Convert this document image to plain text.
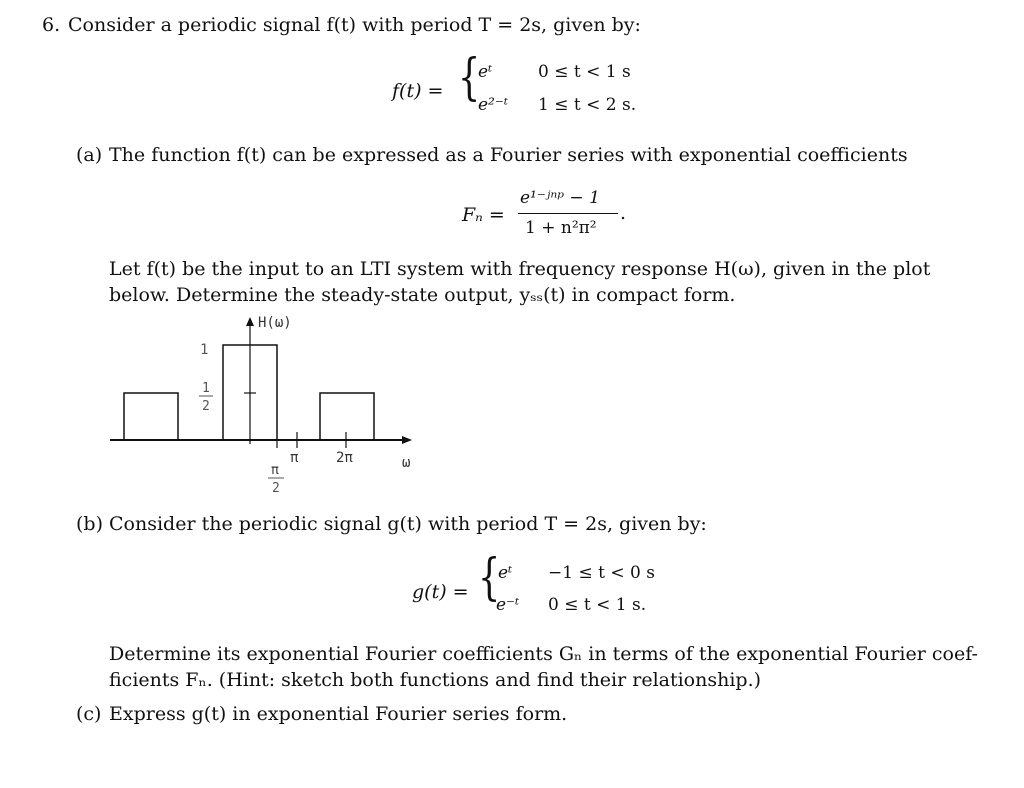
6. Consider a periodic signal f(t) with period T = 2s, given by:
f(t) = {
eᵗ	0 ≤ t < 1 s
e²⁻ᵗ 1 ≤ t < 2 s.
(a) The function f(t) can be expressed as a Fourier series with exponential coefficients
Fₙ =
e¹⁻ʲⁿᵖ − 1
1 + n²π²
.
Let f(t) be the input to an LTI system with frequency response H(ω), given in the plot
below. Determine the steady-state output, yₛₛ(t) in compact form.
H(ω)
ω
1
1
2
π	2π
π
2
(b) Consider the periodic signal g(t) with period T = 2s, given by:
g(t) = {
eᵗ −1 ≤ t < 0 s
e⁻ᵗ 0 ≤ t < 1 s.
Determine its exponential Fourier coefficients Gₙ in terms of the exponential Fourier coef-
ficients Fₙ. (Hint: sketch both functions and find their relationship.)
(c) Express g(t) in exponential Fourier series form.
